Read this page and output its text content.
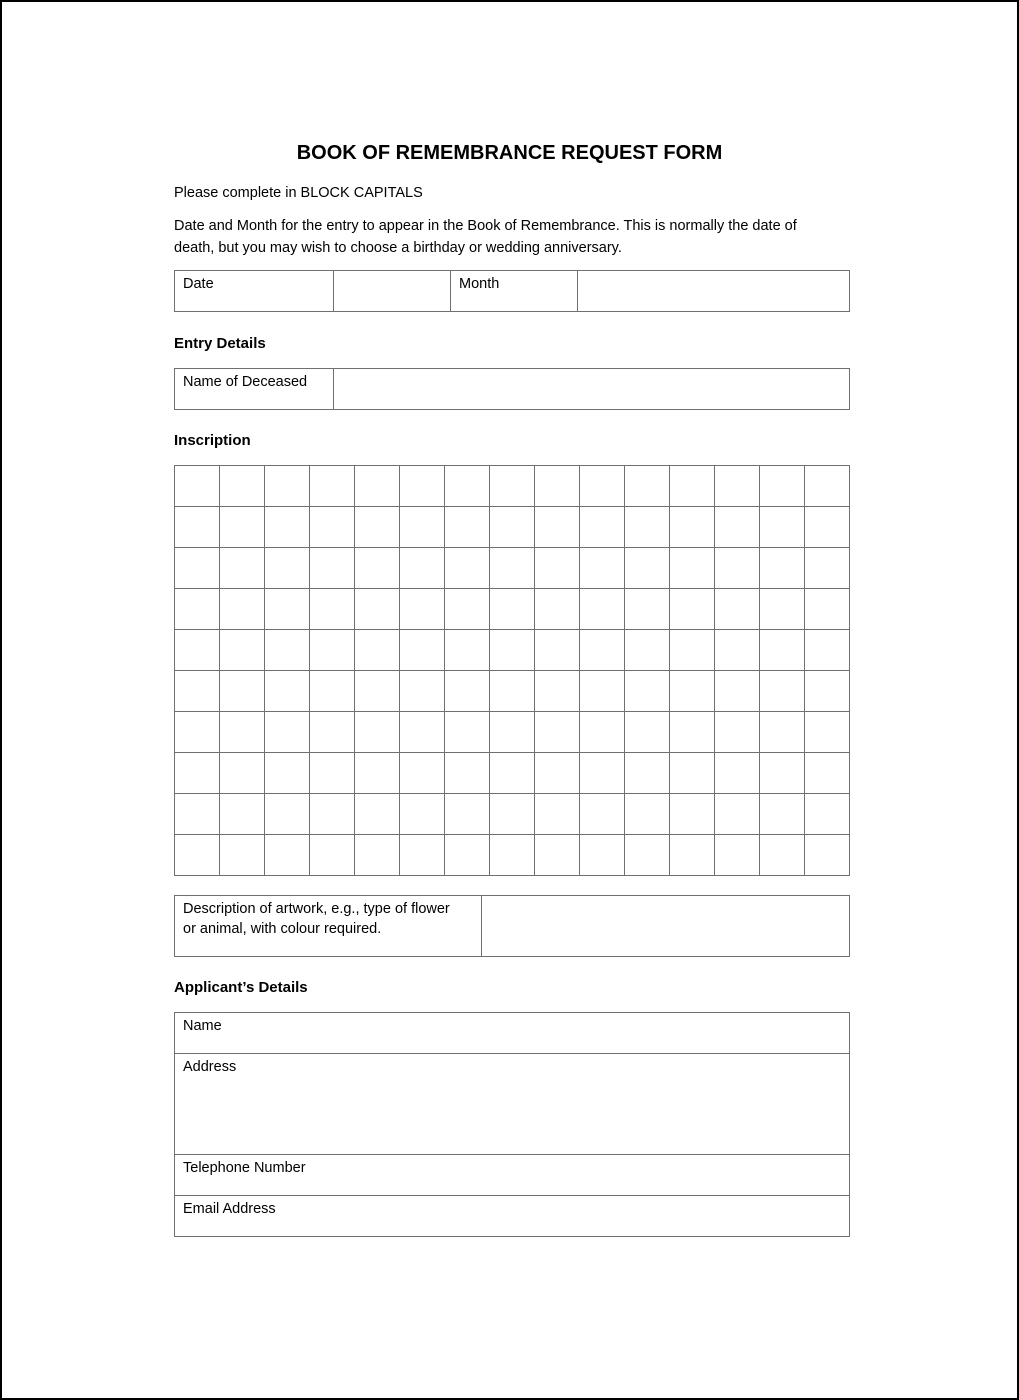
BOOK OF REMEMBRANCE REQUEST FORM
Please complete in BLOCK CAPITALS
Date and Month for the entry to appear in the Book of Remembrance. This is normally the date of
death, but you may wish to choose a birthday or wedding anniversary.
Date		Month

Entry Details
Name of Deceased

Inscription

Description of artwork, e.g., type of flower
or animal, with colour required.

Applicant’s Details
Name

Address

Telephone Number

Email Address
